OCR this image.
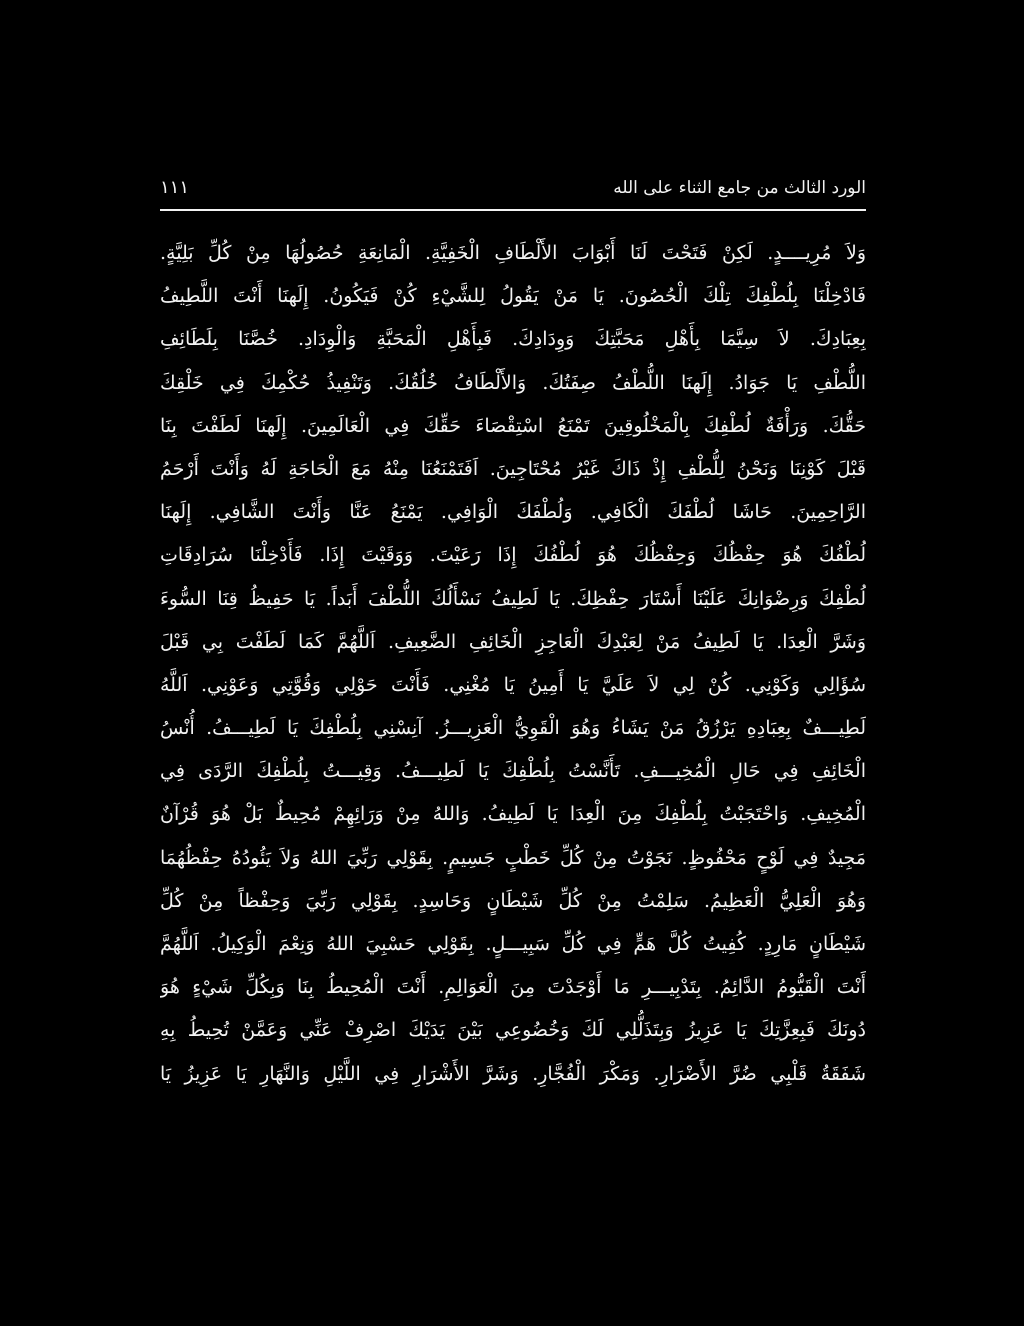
الورد الثالث من جامع الثناء على الله
١١١
وَلاَ مُرِيــــدٍ. لَكِنْ فَتَحْتَ لَنَا أَبْوَابَ الأَلْطَافِ الْخَفِيَّةِ. الْمَانِعَةِ حُصُولُهَا مِنْ كُلِّ بَلِيَّةٍ.
فَادْخِلْنَا بِلُطْفِكَ تِلْكَ الْحُصُونَ. يَا مَنْ يَقُولُ لِلشَّيْءِ كُنْ فَيَكُونُ. إِلَهنَا أَنْتَ اللَّطِيفُ
بِعِبَادِكَ. لاَ سِيَّمَا بِأَهْلِ مَحَبَّتِكَ وَوِدَادِكَ. فَبِأَهْلِ الْمَحَبَّةِ وَالْوِدَادِ. خُصَّنَا بِلَطَائِفِ
اللُّطْفِ يَا جَوَادُ. إِلَهنَا اللُّطْفُ صِفَتُكَ. وَالأَلْطَافُ خُلُقُكَ. وَتَنْفِيذُ حُكْمِكَ فِي خَلْقِكَ
حَقُّكَ. وَرَأْفَةٌ لُطْفِكَ بِالْمَخْلُوقِينَ تَمْنَعُ اسْتِقْصَاءَ حَقِّكَ فِي الْعَالَمِينَ. إِلَهنَا لَطَفْتَ بِنَا
قَبْلَ كَوْنِنَا وَنَحْنُ لِلُّطْفِ إِذْ ذَاكَ غَيْرُ مُحْتَاجِينَ. اَفَتَمْنَعُنَا مِنْهُ مَعَ الْحَاجَةِ لَهُ وَأَنْتَ أَرْحَمُ
الرَّاحِمِينَ. حَاشَا لُطْفَكَ الْكَافِي. وَلُطْفَكَ الْوَافِي. يَمْنَعُ عَنَّا وَأَنْتَ الشَّافِي. إِلَهنَا
لُطْفُكَ هُوَ حِفْظُكَ وَحِفْظُكَ هُوَ لُطْفُكَ إِذَا رَعَيْتَ. وَوَقَيْتَ إِذَا. فَأَدْخِلْنَا سُرَادِقَاتِ
لُطْفِكَ وَرِضْوَانِكَ عَلَيْنَا أَسْتَارَ حِفْظِكَ. يَا لَطِيفُ نَسْأَلُكَ اللُّطْفَ أَبَداً. يَا حَفِيظُ قِنَا السُّوءَ
وَشَرَّ الْعِدَا. يَا لَطِيفُ مَنْ لِعَبْدِكَ الْعَاجِزِ الْخَائِفِ الضَّعِيفِ. اَللَّهُمَّ كَمَا لَطَفْتَ بِي قَبْلَ
سُؤَالِي وَكَوْنِي. كُنْ لِي لاَ عَلَيَّ يَا أَمِينُ يَا مُغْنِي. فَأَنْتَ حَوْلِي وَقُوَّتِي وَعَوْنِي. اَللَّهُ
لَطِيـــفٌ بِعِبَادِهِ يَرْزُقُ مَنْ يَشَاءُ وَهُوَ الْقَوِيُّ الْعَزِيـــزُ. آنِسْنِي بِلُطْفِكَ يَا لَطِيـــفُ. أُنْسُ
الْخَائِفِ فِي حَالِ الْمُخِيـــفِ. تَأَنَّسْتُ بِلُطْفِكَ يَا لَطِيـــفُ. وَقِيـــتُ بِلُطْفِكَ الرَّدَى فِي
الْمُخِيفِ. وَاحْتَجَبْتُ بِلُطْفِكَ مِنَ الْعِدَا يَا لَطِيفُ. وَاللهُ مِنْ وَرَائِهِمْ مُحِيطٌ بَلْ هُوَ قُرْآنٌ
مَجِيدٌ فِي لَوْحٍ مَحْفُوظٍ. نَجَوْتُ مِنْ كُلِّ خَطْبٍ جَسِيمٍ. بِقَوْلِي رَبِّيَ اللهُ وَلاَ يَئُودُهُ حِفْظُهُمَا
وَهُوَ الْعَلِيُّ الْعَظِيمُ. سَلِمْتُ مِنْ كُلِّ شَيْطَانٍ وَحَاسِدٍ. بِقَوْلِي رَبِّيَ وَحِفْظاً مِنْ كُلِّ
شَيْطَانٍ مَارِدٍ. كُفِيتُ كُلَّ هَمٍّ فِي كُلِّ سَبِيـــلٍ. بِقَوْلِي حَسْبِيَ اللهُ وَنِعْمَ الْوَكِيلُ. اَللَّهُمَّ
أَنْتَ الْقَيُّومُ الدَّائِمُ. بِتَدْبِيـــرِ مَا أَوْجَدْتَ مِنَ الْعَوَالِمِ. أَنْتَ الْمُحِيطُ بِنَا وَبِكُلِّ شَيْءٍ هُوَ
دُونَكَ فَبِعِزَّتِكَ يَا عَزِيزُ وَبِتَذَلُّلِي لَكَ وَخُضُوعِي بَيْنَ يَدَيْكَ اصْرِفْ عَنِّي وَعَمَّنْ تُحِيطُ بِهِ
شَفَقَةُ قَلْبِي ضُرَّ الأَضْرَارِ. وَمَكْرَ الْفُجَّارِ. وَشَرَّ الأَشْرَارِ فِي اللَّيْلِ وَالنَّهَارِ يَا عَزِيزُ يَا
